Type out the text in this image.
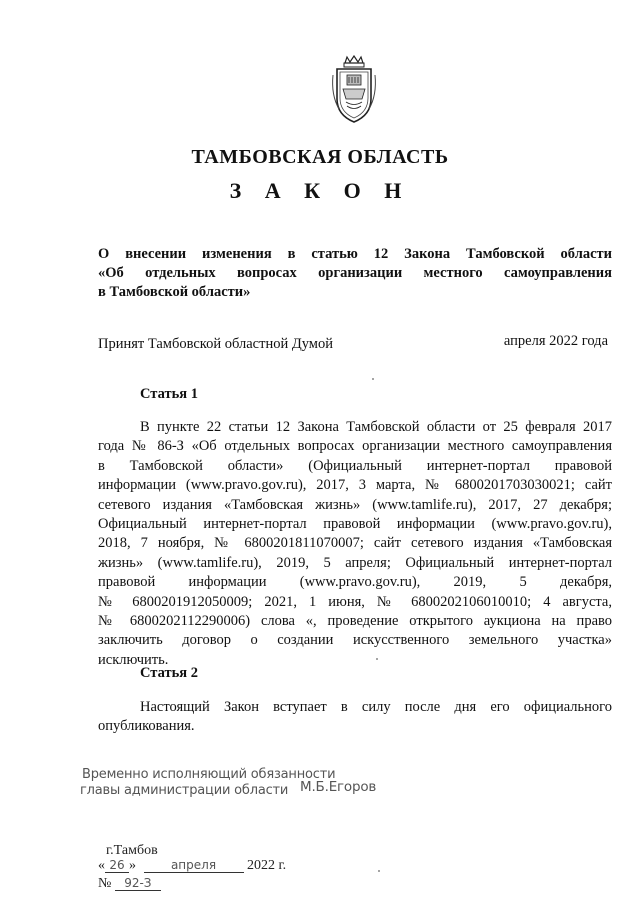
ТАМБОВСКАЯ ОБЛАСТЬ
З А К О Н
О внесении изменения в статью 12 Закона Тамбовской области
«Об отдельных вопросах организации местного самоуправления
в Тамбовской области»
Принят Тамбовской областной Думой	апреля 2022 года
Статья 1
В пункте 22 статьи 12 Закона Тамбовской области от 25 февраля 2017
года № 86-З «Об отдельных вопросах организации местного самоуправления
в Тамбовской области» (Официальный интернет-портал правовой
информации (www.pravo.gov.ru), 2017, 3 марта, № 6800201703030021; сайт
сетевого издания «Тамбовская жизнь» (www.tamlife.ru), 2017, 27 декабря;
Официальный интернет-портал правовой информации (www.pravo.gov.ru),
2018, 7 ноября, № 6800201811070007; сайт сетевого издания «Тамбовская
жизнь» (www.tamlife.ru), 2019, 5 апреля; Официальный интернет-портал
правовой информации (www.pravo.gov.ru), 2019, 5 декабря,
№ 6800201912050009; 2021, 1 июня, № 6800202106010010; 4 августа,
№ 6800202112290006) слова «, проведение открытого аукциона на право
заключить договор о создании искусственного земельного участка»
исключить.
Статья 2
Настоящий Закон вступает в силу после дня его официального
опубликования.
Временно исполняющий обязанности
главы администрации области М.Б.Егоров
г.Тамбов
« 26 »	апреля 2022 г.
№ 92-З
